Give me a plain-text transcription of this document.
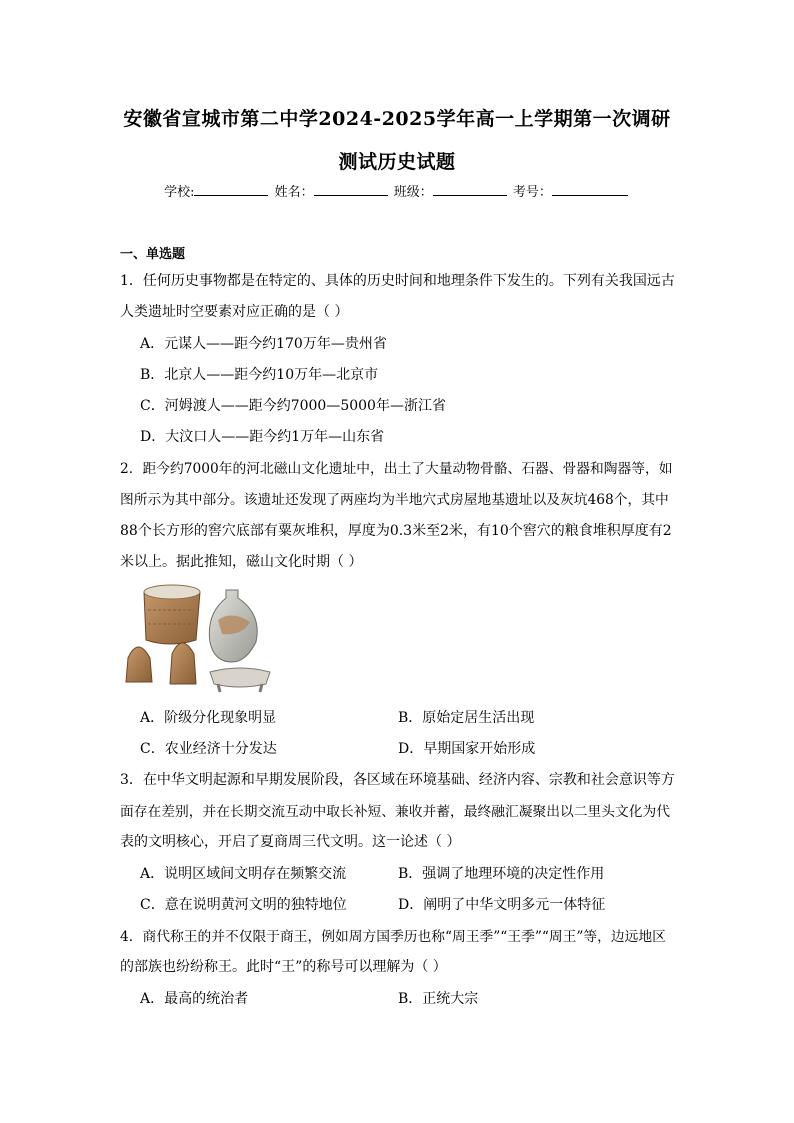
安徽省宣城市第二中学2024-2025学年高一上学期第一次调研
测试历史试题
学校:	姓名：	班级：	考号：
一、单选题
1．任何历史事物都是在特定的、具体的历史时间和地理条件下发生的。下列有关我国远古
人类遗址时空要素对应正确的是（ ）
A．元谋人——距今约170万年—贵州省
B．北京人——距今约10万年—北京市
C．河姆渡人——距今约7000—5000年—浙江省
D．大汶口人——距今约1万年—山东省
2．距今约7000年的河北磁山文化遗址中，出土了大量动物骨骼、石器、骨器和陶器等，如
图所示为其中部分。该遗址还发现了两座均为半地穴式房屋地基遗址以及灰坑468个，其中
88个长方形的窖穴底部有粟灰堆积，厚度为0.3米至2米，有10个窖穴的粮食堆积厚度有2
米以上。据此推知，磁山文化时期（ ）
A．阶级分化现象明显	B．原始定居生活出现
C．农业经济十分发达	D．早期国家开始形成
3．在中华文明起源和早期发展阶段，各区域在环境基础、经济内容、宗教和社会意识等方
面存在差别，并在长期交流互动中取长补短、兼收并蓄，最终融汇凝聚出以二里头文化为代
表的文明核心，开启了夏商周三代文明。这一论述（ ）
A．说明区域间文明存在频繁交流	B．强调了地理环境的决定性作用
C．意在说明黄河文明的独特地位	D．阐明了中华文明多元一体特征
4．商代称王的并不仅限于商王，例如周方国季历也称“周王季”“王季”“周王”等，边远地区
的部族也纷纷称王。此时“王”的称号可以理解为（ ）
A．最高的统治者	B．正统大宗
